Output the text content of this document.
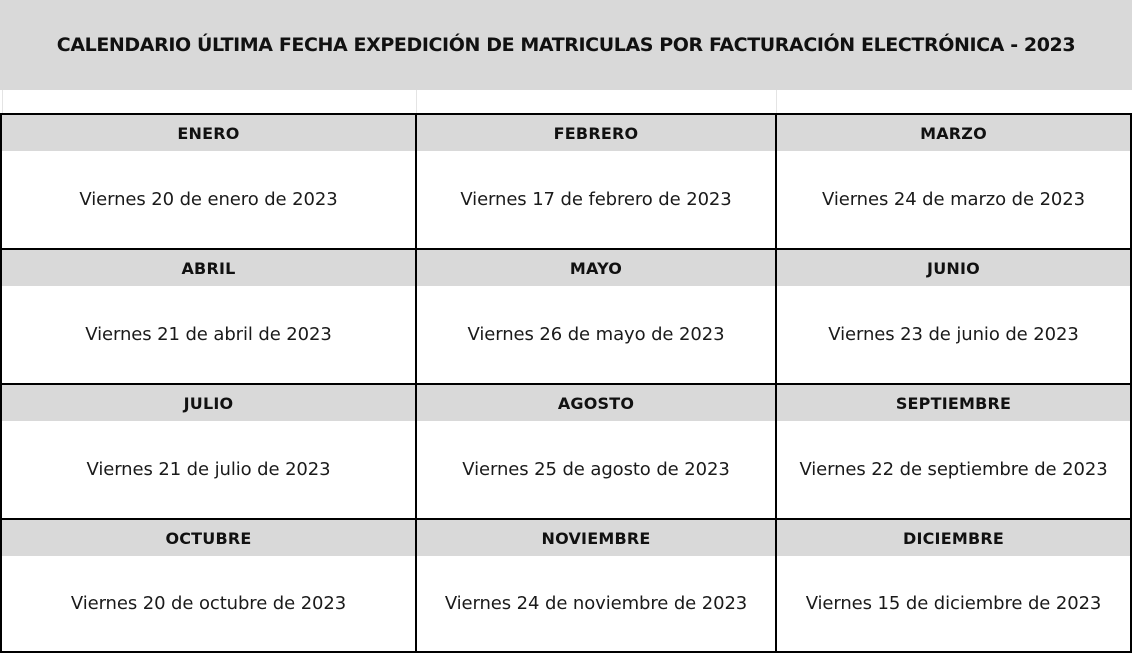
CALENDARIO ÚLTIMA FECHA EXPEDICIÓN DE MATRICULAS POR FACTURACIÓN ELECTRÓNICA - 2023
ENERO
Viernes 20 de enero de 2023
FEBRERO
Viernes 17 de febrero de 2023
MARZO
Viernes 24 de marzo de 2023
ABRIL
Viernes 21 de abril de 2023
MAYO
Viernes 26 de mayo de 2023
JUNIO
Viernes 23 de junio de 2023
JULIO
Viernes 21 de julio de 2023
AGOSTO
Viernes 25 de agosto de 2023
SEPTIEMBRE
Viernes 22 de septiembre de 2023
OCTUBRE
Viernes 20 de octubre de 2023
NOVIEMBRE
Viernes 24 de noviembre de 2023
DICIEMBRE
Viernes 15 de diciembre de 2023
